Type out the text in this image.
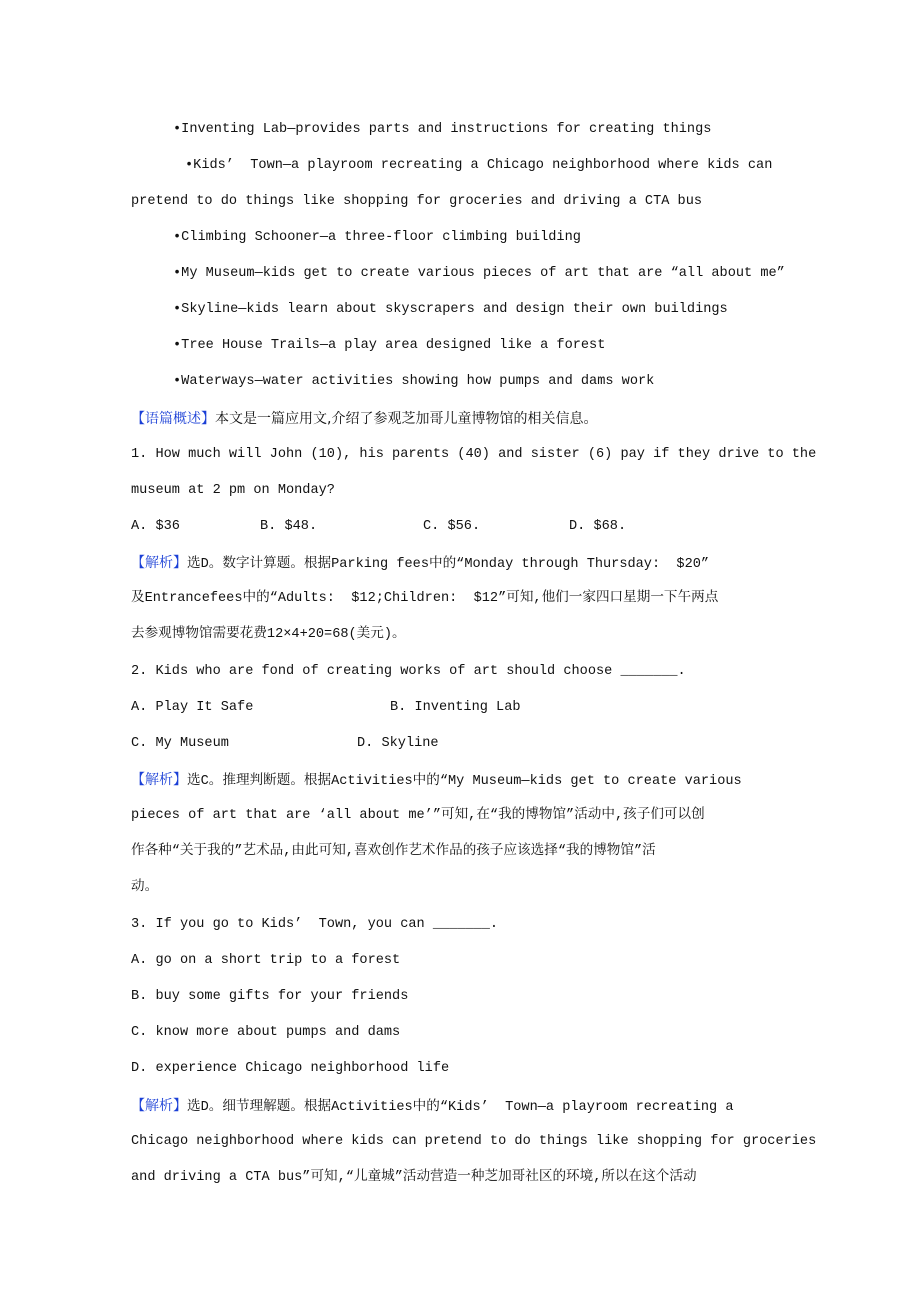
•Inventing Lab—provides parts and instructions for creating things
•Kids’  Town—a playroom recreating a Chicago neighborhood where kids can
pretend to do things like shopping for groceries and driving a CTA bus
•Climbing Schooner—a three-floor climbing building
•My Museum—kids get to create various pieces of art that are “all about me”
•Skyline—kids learn about skyscrapers and design their own buildings
•Tree House Trails—a play area designed like a forest
•Waterways—water activities showing how pumps and dams work
【语篇概述】本文是一篇应用文,介绍了参观芝加哥儿童博物馆的相关信息。
1. How much will John (10), his parents (40) and sister (6) pay if they drive to the
museum at 2 pm on Monday?
A. $36	B. $48.	C. $56.	D. $68.
【解析】选D。数字计算题。根据Parking fees中的“Monday through Thursday:  $20”
及Entrancefees中的“Adults:  $12;Children:  $12”可知,他们一家四口星期一下午两点
去参观博物馆需要花费12×4+20=68(美元)。
2. Kids who are fond of creating works of art should choose _______.
A. Play It Safe	B. Inventing Lab
C. My Museum	D. Skyline
【解析】选C。推理判断题。根据Activities中的“My Museum—kids get to create various
pieces of art that are ‘all about me’”可知,在“我的博物馆”活动中,孩子们可以创
作各种“关于我的”艺术品,由此可知,喜欢创作艺术作品的孩子应该选择“我的博物馆”活
动。
3. If you go to Kids’  Town, you can _______.
A. go on a short trip to a forest
B. buy some gifts for your friends
C. know more about pumps and dams
D. experience Chicago neighborhood life
【解析】选D。细节理解题。根据Activities中的“Kids’  Town—a playroom recreating a
Chicago neighborhood where kids can pretend to do things like shopping for groceries
and driving a CTA bus”可知,“儿童城”活动营造一种芝加哥社区的环境,所以在这个活动
